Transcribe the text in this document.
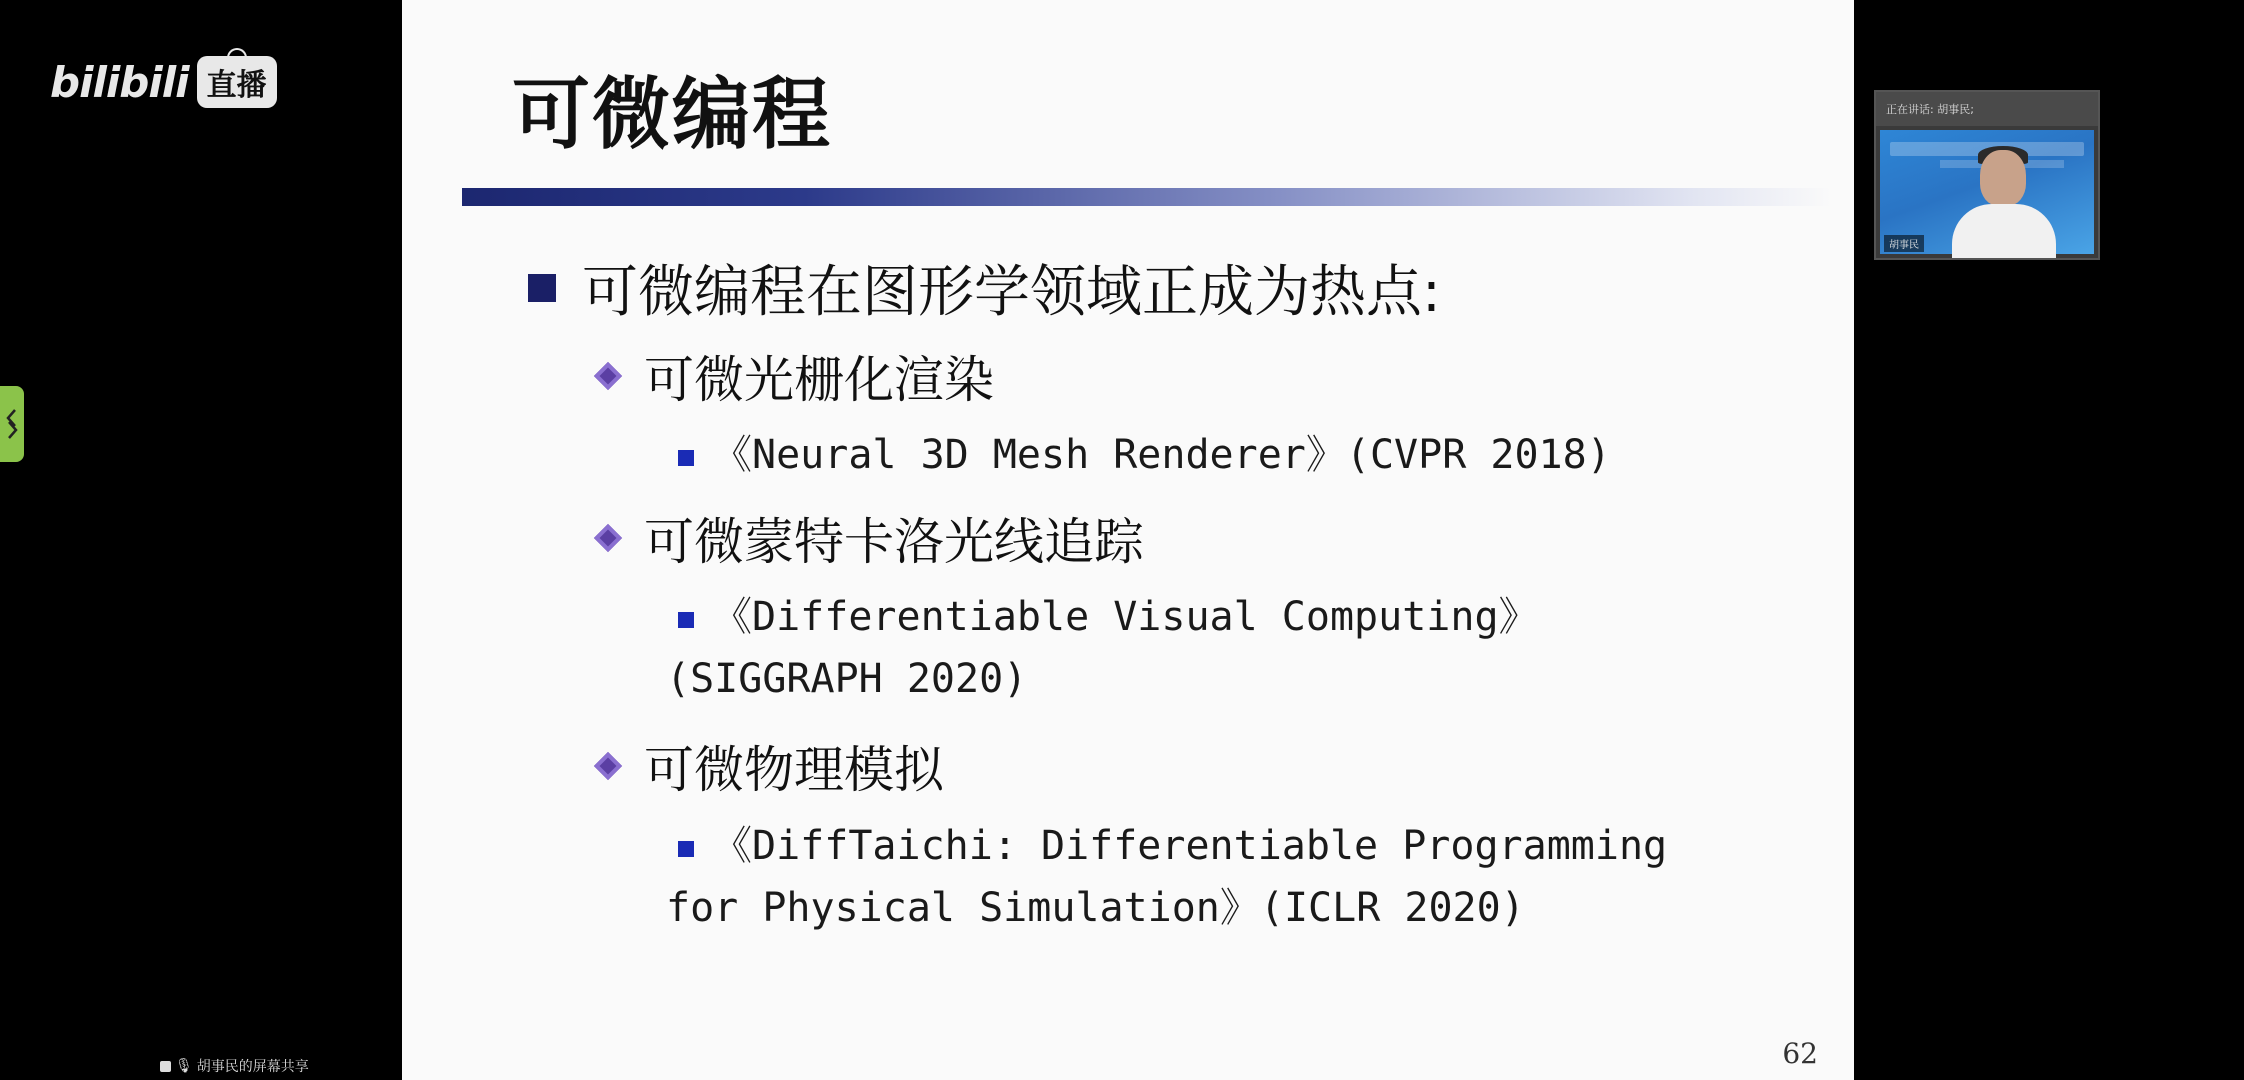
bilibili 直播	可微编程
可微编程在图形学领域正成为热点:
可微光栅化渲染
《Neural 3D Mesh Renderer》(CVPR 2018)
可微蒙特卡洛光线追踪
《Differentiable Visual Computing》
(SIGGRAPH 2020)
可微物理模拟
《DiffTaichi: Differentiable Programming
for Physical Simulation》(ICLR 2020)
62
正在讲话: 胡事民;
胡事民
🎙 胡事民的屏幕共享
